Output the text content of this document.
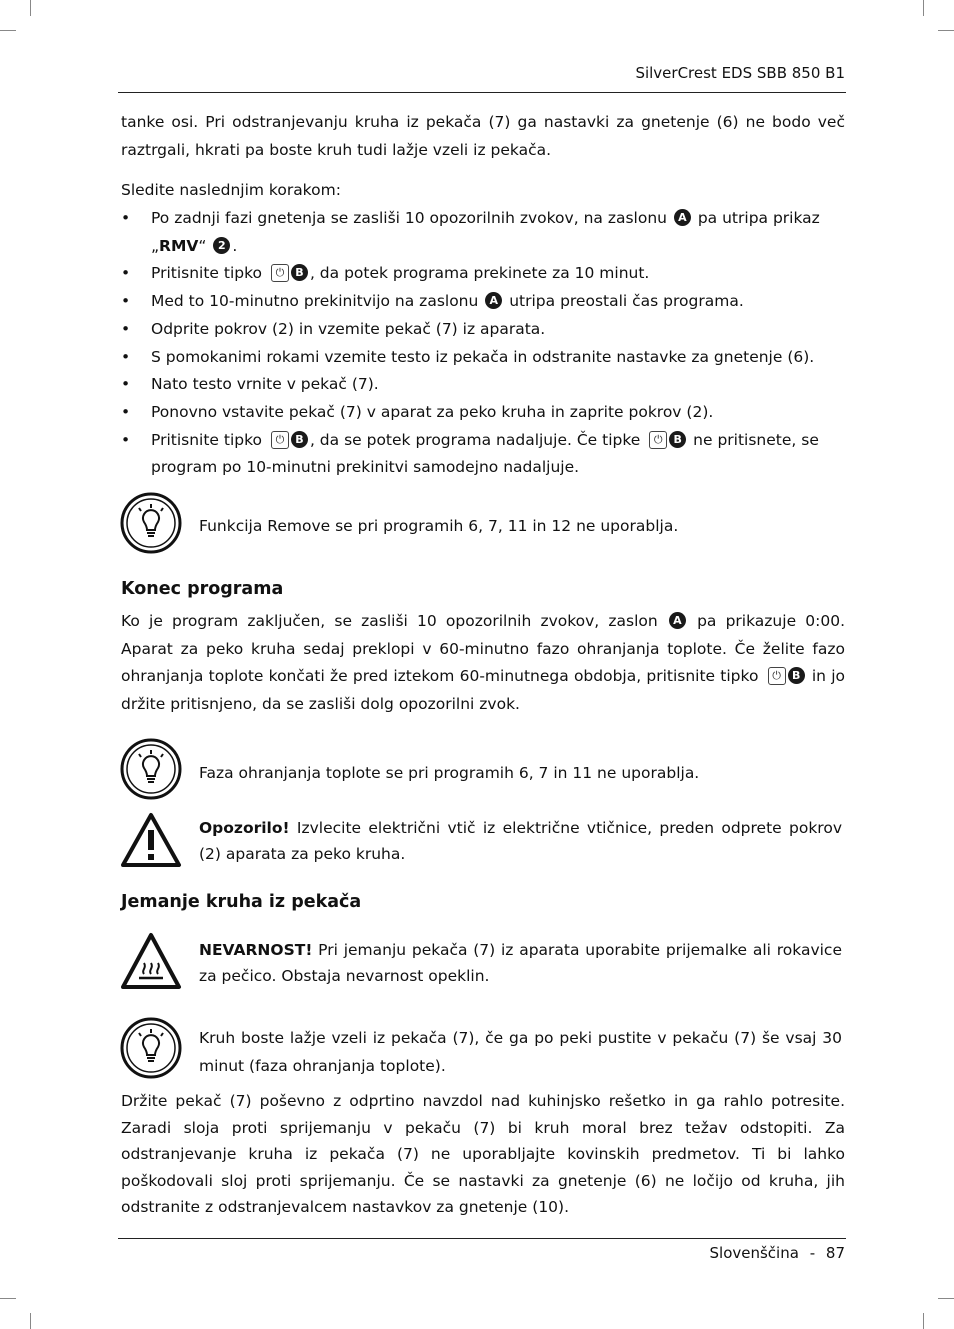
SilverCrest EDS SBB 850 B1
tanke osi. Pri odstranjevanju kruha iz pekača (7) ga nastavki za gnetenje (6) ne bodo več raztrgali, hkrati pa boste kruh tudi lažje vzeli iz pekača.
Sledite naslednjim korakom:
• Po zadnji fazi gnetenja se zasliši 10 opozorilnih zvokov, na zaslonu A pa utripa prikaz
„RMV“ 2 .
• Pritisnite tipko ⏻ B , da potek programa prekinete za 10 minut.
• Med to 10-minutno prekinitvijo na zaslonu A utripa preostali čas programa.
• Odprite pokrov (2) in vzemite pekač (7) iz aparata.
• S pomokanimi rokami vzemite testo iz pekača in odstranite nastavke za gnetenje (6).
• Nato testo vrnite v pekač (7).
• Ponovno vstavite pekač (7) v aparat za peko kruha in zaprite pokrov (2).
• Pritisnite tipko ⏻ B , da se potek programa nadaljuje. Če tipke ⏻ B ne pritisnete, se program po 10-minutni prekinitvi samodejno nadaljuje.
Funkcija Remove se pri programih 6, 7, 11 in 12 ne uporablja.
Konec programa
Ko je program zaključen, se zasliši 10 opozorilnih zvokov, zaslon A pa prikazuje 0:00. Aparat za peko kruha sedaj preklopi v 60-minutno fazo ohranjanja toplote. Če želite fazo ohranjanja toplote končati že pred iztekom 60-minutnega obdobja, pritisnite tipko ⏻ B in jo držite pritisnjeno, da se zasliši dolg opozorilni zvok.
Faza ohranjanja toplote se pri programih 6, 7 in 11 ne uporablja.
Opozorilo! Izvlecite električni vtič iz električne vtičnice, preden odprete pokrov (2) aparata za peko kruha.
Jemanje kruha iz pekača
NEVARNOST! Pri jemanju pekača (7) iz aparata uporabite prijemalke ali rokavice za pečico. Obstaja nevarnost opeklin.
Kruh boste lažje vzeli iz pekača (7), če ga po peki pustite v pekaču (7) še vsaj 30 minut (faza ohranjanja toplote).
Držite pekač (7) poševno z odprtino navzdol nad kuhinjsko rešetko in ga rahlo potresite. Zaradi sloja proti sprijemanju v pekaču (7) bi kruh moral brez težav odstopiti. Za odstranjevanje kruha iz pekača (7) ne uporabljajte kovinskih predmetov. Ti bi lahko poškodovali sloj proti sprijemanju. Če se nastavki za gnetenje (6) ne ločijo od kruha, jih odstranite z odstranjevalcem nastavkov za gnetenje (10).
Slovenščina - 87
